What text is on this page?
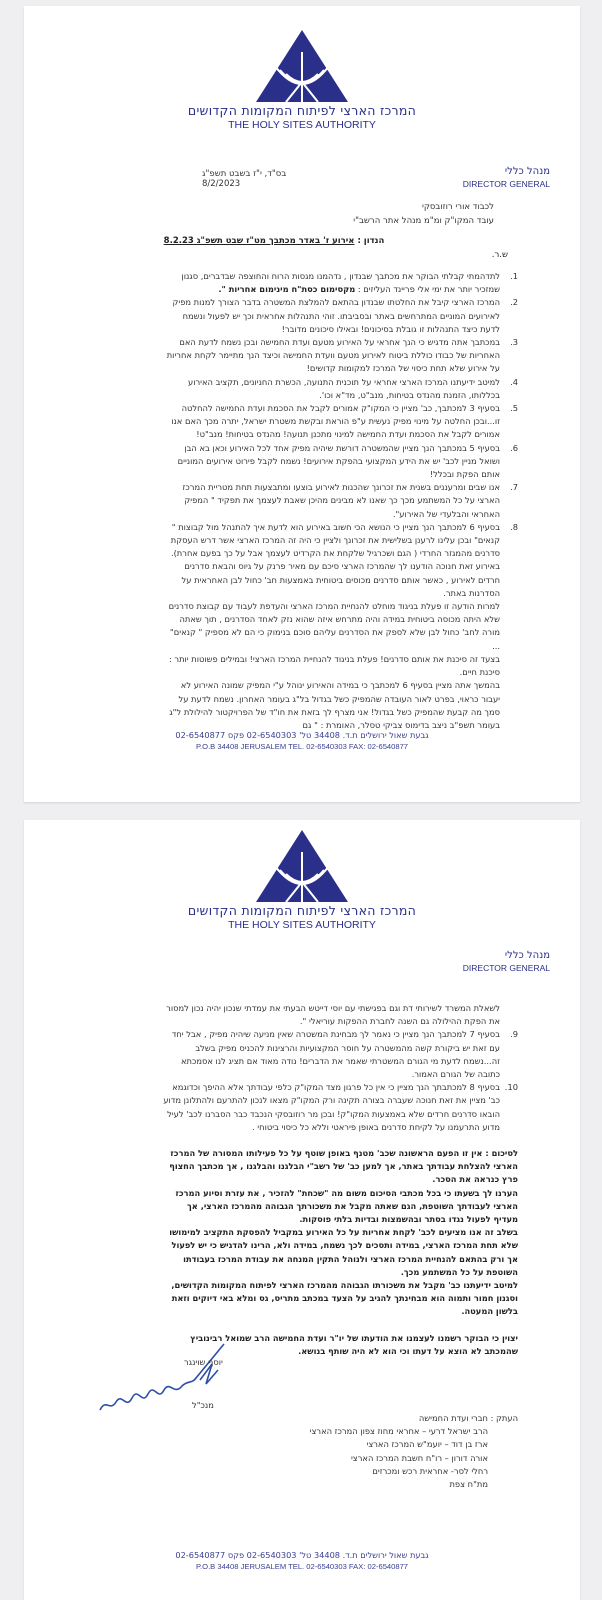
המרכז הארצי לפיתוח המקומות הקדושים
THE HOLY SITES AUTHORITY
מנהל כללי
DIRECTOR GENERAL
בס"ד, י"ז בשבט תשפ"ג
8/2/2023
לכבוד אורי רוזובסקי
עובד המקו"ק ומ"מ מנהל אתר הרשב"י
הנדון : אירוע ז' באדר מכתבך מט"ז שבט תשפ"ג 8.2.23
ש.ר.
1.
לתדהמתי קבלתי הבוקר את מכתבך שבנדון , נדהמנו מגסות הרוח והחוצפה שבדברים, סגנון שמזכיר יותר את ימי אלי פריינד העליזים : מקסימום כסת"ח מינימום אחריות ".
2.
המרכז הארצי קיבל את החלטתו שבנדון בהתאם להמלצת המשטרה בדבר הצורך למנות מפיק לאירועים המוניים המתרחשים באתר ובסביבתו. זוהי התנהלות אחראית וכך יש לפעול ונשמח לדעת כיצד התנהלות זו גובלת בסיכונים! ובאילו סיכונים מדובר!
3.
במכתבך אתה מדגיש כי הנך אחראי על האירוע מטעם ועדת החמישה ובכן נשמח לדעת האם האחריות של כבודו כוללת ביטוח לאירוע מטעם וועדת החמישה וכיצד הנך מתיימר לקחת אחריות על אירוע שלא תחת כיסוי של המרכז למקומות קדושים!
4.
למיטב ידיעתנו המרכז הארצי אחראי על תוכנית התנועה, הכשרת החניונים, תקציב האירוע בכללותו, הזמנת מהנדס בטיחות, מנב"ט, מד"א וכו'.
5.
בסעיף 3 למכתבך, כב' מציין כי המקו"ק אמורים לקבל את הסכמת ועדת החמישה להחלטה זו...ובכן החלטה על מינוי מפיק נעשית ע"פ הוראת ובקשת משטרת ישראל, יתרה מכך האם אנו אמורים לקבל את הסכמת ועדת החמישה למינוי מתכנן תנועה! מהנדס בטיחות! מנב"ט!
6.
בסעיף 5 במכתבך הנך מציין שהמשטרה דורשת שיהיה מפיק אחד לכל האירוע וכאן בא הבן ושואל מניין לכב' יש את הידע המקצועי בהפקת אירועים! נשמח לקבל פירוט אירועים המוניים אותם הפקת ובכלל!
7.
אנו שבים ומרעננים בשנית את זכרונך שהכנות לאירוע בוצעו ומתבצעות תחת מטריית המרכז הארצי על כל המשתמע מכך כך שאנו לא מבינים מהיכן שאבת לעצמך את תפקיד " המפיק האחראי והבלעדי של האירוע".
8.
בסעיף 6 למכתבך הנך מציין כי הנושא הכי חשוב באירוע הוא לדעת איך להתנהל מול קבוצות " קנאים" ובכן עלינו לרענן בשלישית את זכרונך ולציין כי היה זה המרכז הארצי אשר דרש העסקת סדרנים מהמגזר החרדי ( הגם ושכרגיל שלקחת את הקרדיט לעצמך אבל על כך בפעם אחרת).
באירוע זאת חנוכה הודענו לך שהמרכז הארצי סיכם עם מאיר פרנק על גיוס והבאת סדרנים חרדים לאירוע , כאשר אותם סדרנים מכוסים ביטוחית באמצעות חב' כחול לבן האחראית על הסדרנות באתר.
למרות הודעה זו פעלת בניגוד מוחלט להנחיית המרכז הארצי והעדפת לעבוד עם קבוצת סדרנים שלא היתה מכוסה ביטוחית במידה והיה מתרחש איזה שהוא נזק לאחד הסדרנים , תוך שאתה מורה לחב' כחול לבן שלא לספק את הסדרנים עליהם סוכם בנימוק כי הם לא מספיק " קנאים" ...
בצעד זה סיכנת את אותם סדרנים! פעלת בניגוד להנחיית המרכז הארצי! ובמילים פשוטות יותר : סיכנת חיים.
בהמשך אתה מציין בסעיף 6 למכתבך כי במידה והאירוע ינוהל ע"י המפיק שמונה האירוע לא יעבור כראוי, בפרט לאור העובדה שהמפיק כשל בגדול בל"ג בעומר האחרון. נשמח לדעת על סמך מה קבעת שהמפיק כשל בגדול! אני מצרף לך בזאת את חו"ד של הפרויקטור להילולת ל"ג בעומר תשפ"ב ניצב בדימוס צביקי טסלר, האומרת : " גם
גבעת שאול ירושלים ת.ד. 34408 טל' 02-6540303 פקס 02-6540877
P.O.B 34408 JERUSALEM TEL. 02-6540303 FAX: 02-6540877
המרכז הארצי לפיתוח המקומות הקדושים
THE HOLY SITES AUTHORITY
מנהל כללי
DIRECTOR GENERAL
לשאלת המשרד לשירותי דת וגם בפגישתי עם יוסי דייטש הבעתי את עמדתי שנכון יהיה נכון למסור את הפקת ההילולה גם השנה לחברת ההפקות עוריאלי ".
9.
בסעיף 7 למכתבך הנך מציין כי נאמר לך מבחינת המשטרה שאין מניעה שיהיה מפיק , אבל יחד עם זאת יש ביקורת קשה מהמשטרה על חוסר המקצועיות והרצינות להכניס מפיק בשלב זה...נשמח לדעת מי הגורם המשטרתי שאמר את הדברים! נודה מאוד אם תציג לנו אסמכתא כתובה של הגורם האמור.
10.
בסעיף 8 למכתבתך הנך מציין כי אין כל פרגון מצד המקו"ק כלפי עבודתך אלא ההיפך וכדוגמא כב' מציין את זאת חנוכה שעברה בצורה תקינה ורק המקו"ק מצאו לנכון להתרעם ולהתלונן מדוע הובאו סדרנים חרדים שלא באמצעות המקו"ק! ובכן מר רוזובסקי הנכבד כבר הסברנו לכב' לעיל מדוע התרעמנו על לקיחת סדרנים באופן פיראטי וללא כל כיסוי ביטוחי .
לסיכום : אין זו הפעם הראשונה שכב' מטנף באופן שוטף על כל פעילותו המסורה של המרכז הארצי להצלחת עבודתך באתר, אך למען כב' של רשב"י הבלגנו והבלגנו , אך מכתבך החצוף פרץ כנראה את הסכר.
הערנו לך בשעתו כי בכל מכתבי הסיכום משום מה "שכחת" להזכיר , את עזרת וסיוע המרכז הארצי לעבודתך השוטפת, הגם שאתה מקבל את משכורתך הגבוהה מהמרכז הארצי, אך מעדיף לפעול נגדו בסתר ובהשמצות ובדיות בלתי פוסקות.
בשלב זה אנו מציעים לכב' לקחת אחריות על כל האירוע במקביל להפסקת התקציב למימושו שלא תחת המרכז הארצי, במידה ותסכים לכך נשמח, במידה ולא, הרינו להדגיש כי יש לפעול אך ורק בהתאם להנחיית המרכז הארצי ולנוהל התקין המנחה את עבודת המרכז בעבודתו השוטפת על כל המשתמע מכך.
למיטב ידיעתנו כב' מקבל את משכורתו הגבוהה מהמרכז הארצי לפיתוח המקומות הקדושים, וסגנון חמור ותמוה הוא מבחינתך להגיב על הצעד במכתב מתריס, גס ומלא באי דיוקים וזאת בלשון המעטה.
יצוין כי הבוקר רשמנו לעצמנו את הודעתו של יו"ר ועדת החמישה הרב שמואל רבינוביץ שהמכתב לא הוצא על דעתו וכי הוא לא היה שותף בנושא.
יוסף שוינגר
מנכ"ל
העתק : חברי ועדת החמישה
הרב ישראל דרעי – אחראי מחוז צפון המרכז הארצי
ארז בן דוד – יועמ"ש המרכז הארצי
אורה דורון – רו"ח חשבת המרכז הארצי
רחלי לסר- אחראית רכש ומכרזים
מת"ח צפת
גבעת שאול ירושלים ת.ד. 34408 טל' 02-6540303 פקס 02-6540877
P.O.B 34408 JERUSALEM TEL. 02-6540303 FAX: 02-6540877
